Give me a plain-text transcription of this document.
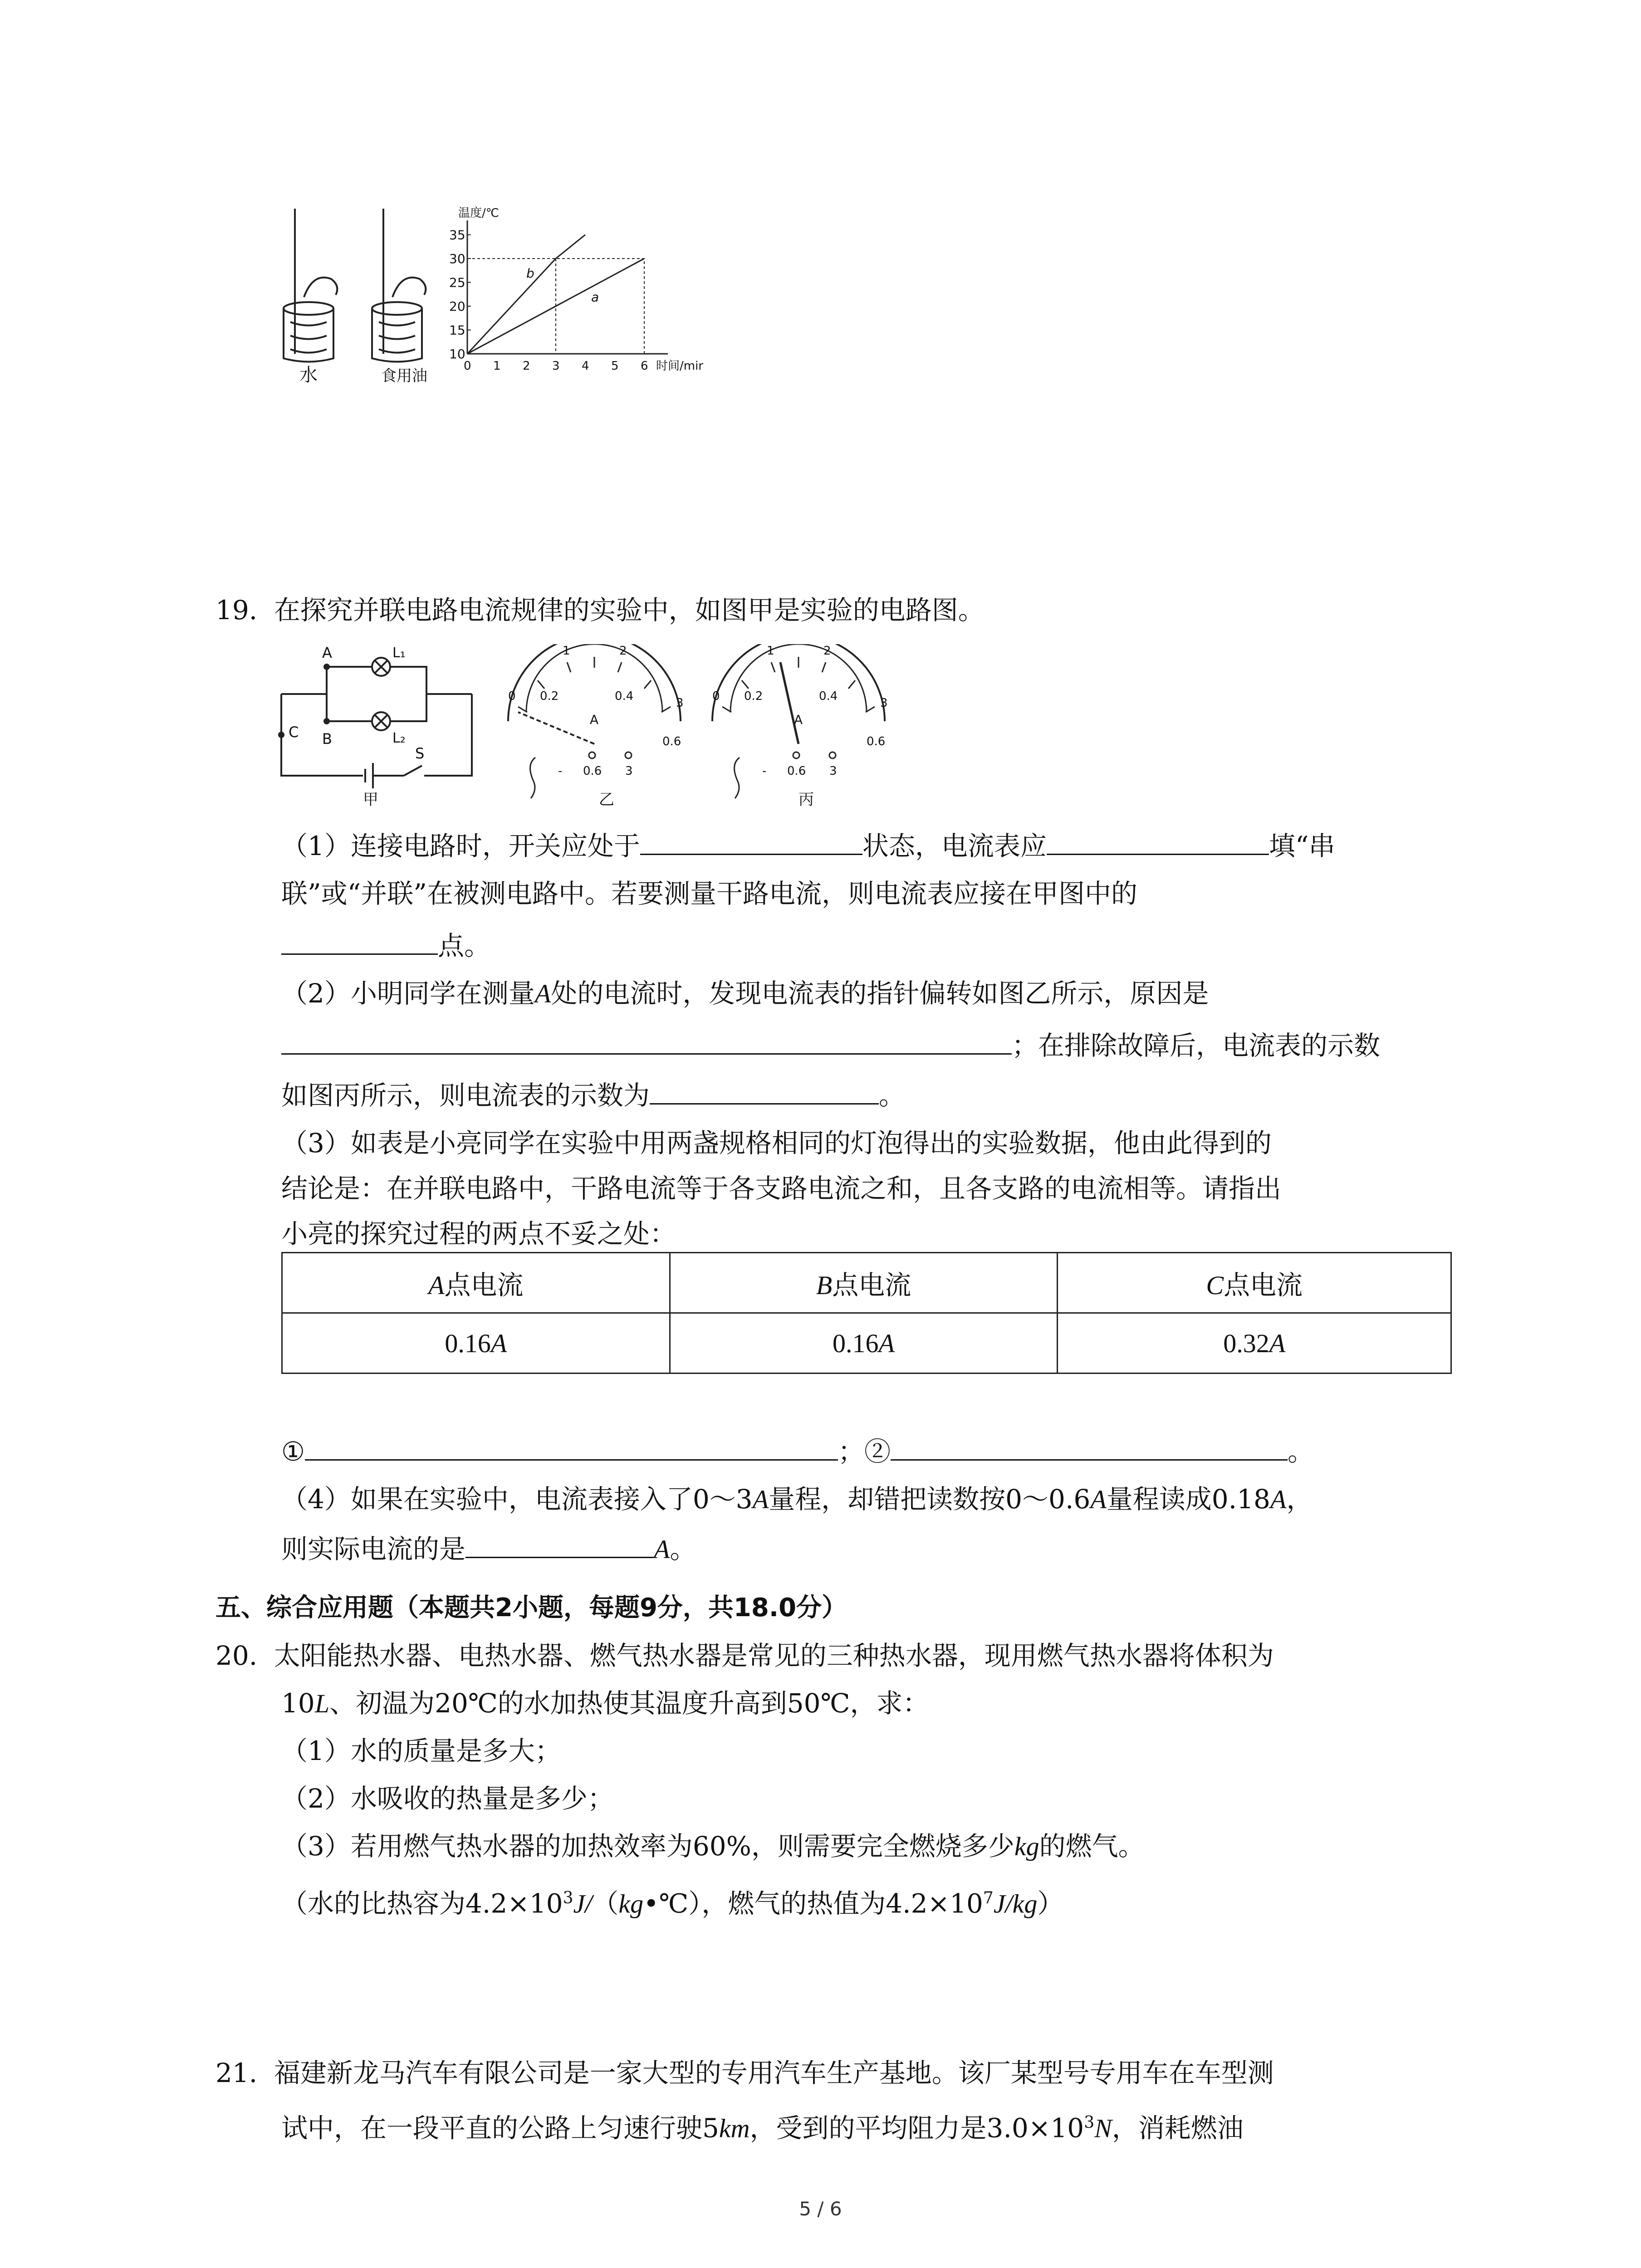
水	食用油
10
15
20
25
30
35
0 1 2 3 4 5 6
b
a
温度/℃
时间/min
19. 在探究并联电路电流规律的实验中，如图甲是实验的电路图。
A	L₁
B	L₂
C
S
甲
0.2	0.4
1	2
0
0.6
3
A
- 0.6 3
乙
0.2	0.4
1	2
0
0.6
3
A
- 0.6 3
丙
（1）连接电路时，开关应处于	状态，电流表应	填“串
联”或“并联”在被测电路中。若要测量干路电流，则电流表应接在甲图中的
点。
（2）小明同学在测量A处的电流时，发现电流表的指针偏转如图乙所示，原因是
；在排除故障后，电流表的示数
如图丙所示，则电流表的示数为	。
（3）如表是小亮同学在实验中用两盏规格相同的灯泡得出的实验数据，他由此得到的
结论是：在并联电路中，干路电流等于各支路电流之和，且各支路的电流相等。请指出
小亮的探究过程的两点不妥之处：
A点电流	B点电流	C点电流
0.16A	0.16A	0.32A
①	；②	。
（4）如果在实验中，电流表接入了0～3A量程，却错把读数按0～0.6A量程读成0.18A，
则实际电流的是	A。
五、综合应用题（本题共2小题，每题9分，共18.0分）
20. 太阳能热水器、电热水器、燃气热水器是常见的三种热水器，现用燃气热水器将体积为
10L、初温为20℃的水加热使其温度升高到50℃，求：
（1）水的质量是多大；
（2）水吸收的热量是多少；
（3）若用燃气热水器的加热效率为60%，则需要完全燃烧多少kg的燃气。
（水的比热容为$4.2\times 10^3J/(kg•℃)$，燃气的热值为$4.2\times 10^7J/kg$）
21. 福建新龙马汽车有限公司是一家大型的专用汽车生产基地。该厂某型号专用车在车型测
试中，在一段平直的公路上匀速行驶5km，受到的平均阻力是$3.0\times 10^3N$，消耗燃油
5 / 6
